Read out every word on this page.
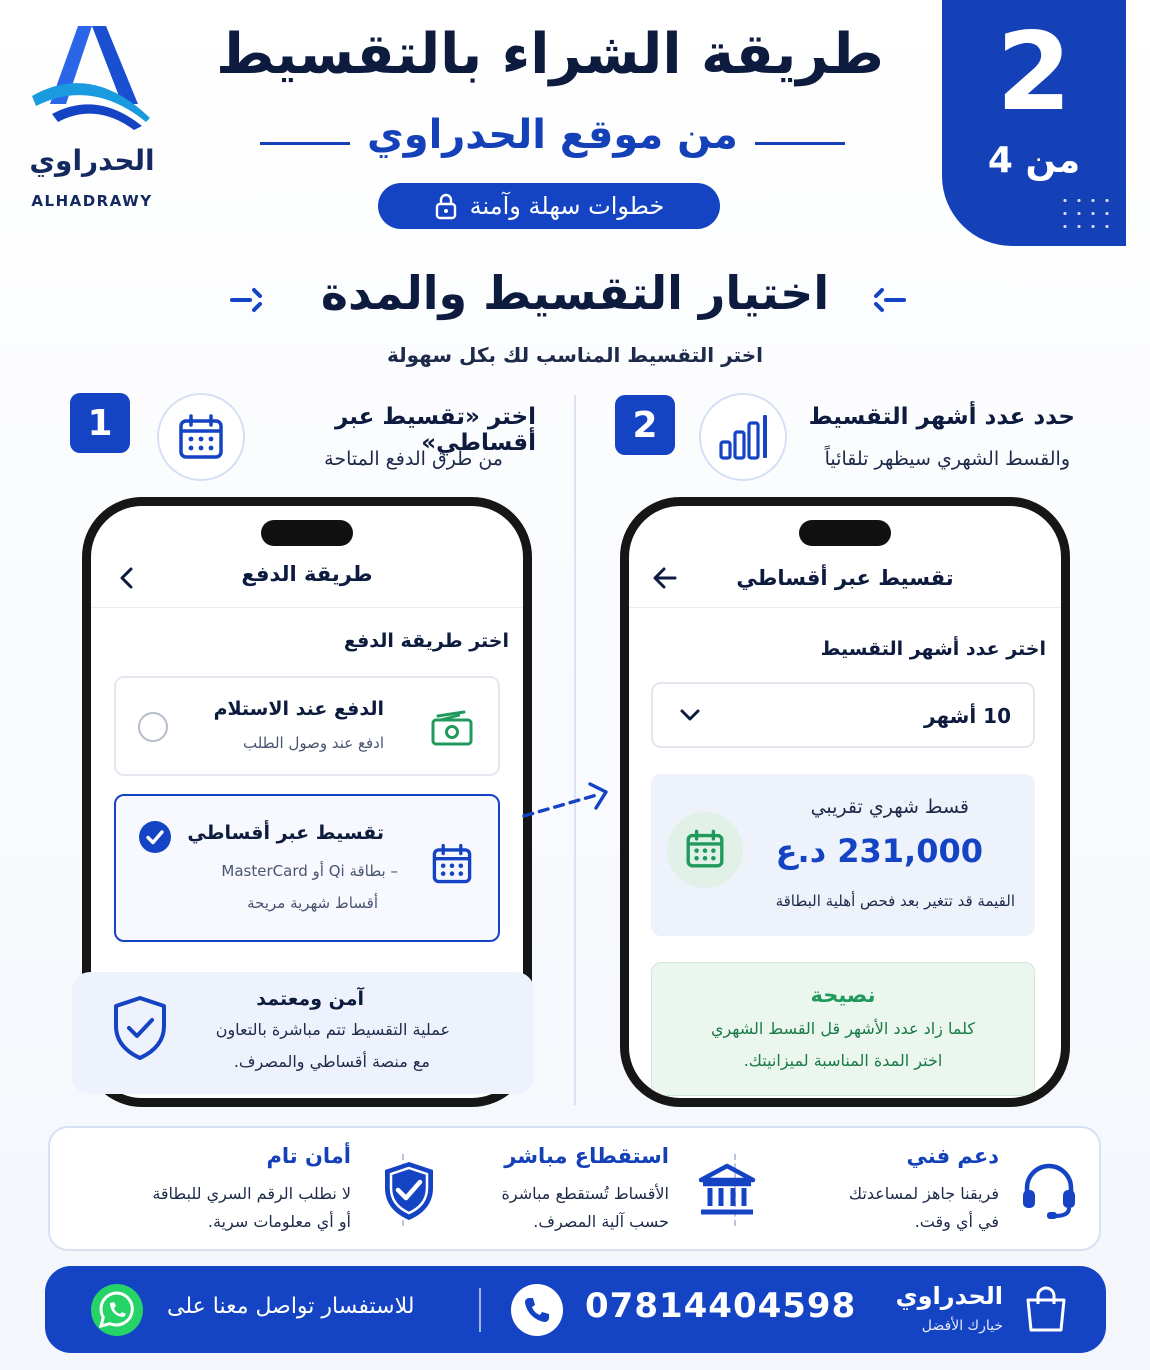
الحدراوي
ALHADRAWY
طريقة الشراء بالتقسيط
من موقع الحدراوي
خطوات سهلة وآمنة
2
من 4
اختيار التقسيط والمدة
اختر التقسيط المناسب لك بكل سهولة
1	اختر «تقسيط عبر أقساطي»
من طرق الدفع المتاحة
2	حدد عدد أشهر التقسيط
والقسط الشهري سيظهر تلقائياً
طريقة الدفع
اختر طريقة الدفع
الدفع عند الاستلام
ادفع عند وصول الطلب
تقسيط عبر أقساطي
– بطاقة Qi أو MasterCard
أقساط شهرية مريحة
آمن ومعتمد
عملية التقسيط تتم مباشرة بالتعاون
مع منصة أقساطي والمصرف.
تقسيط عبر أقساطي
اختر عدد أشهر التقسيط
10 أشهر
قسط شهري تقريبي
231,000 د.ع
القيمة قد تتغير بعد فحص أهلية البطاقة
نصيحة
كلما زاد عدد الأشهر قل القسط الشهري
اختر المدة المناسبة لميزانيتك.
دعم فني
فريقنا جاهز لمساعدتك
في أي وقت.
استقطاع مباشر
الأقساط تُستقطع مباشرة
حسب آلية المصرف.
أمان تام
لا نطلب الرقم السري للبطاقة
أو أي معلومات سرية.
الحدراوي
خيارك الأفضل
07814404598
للاستفسار تواصل معنا على
